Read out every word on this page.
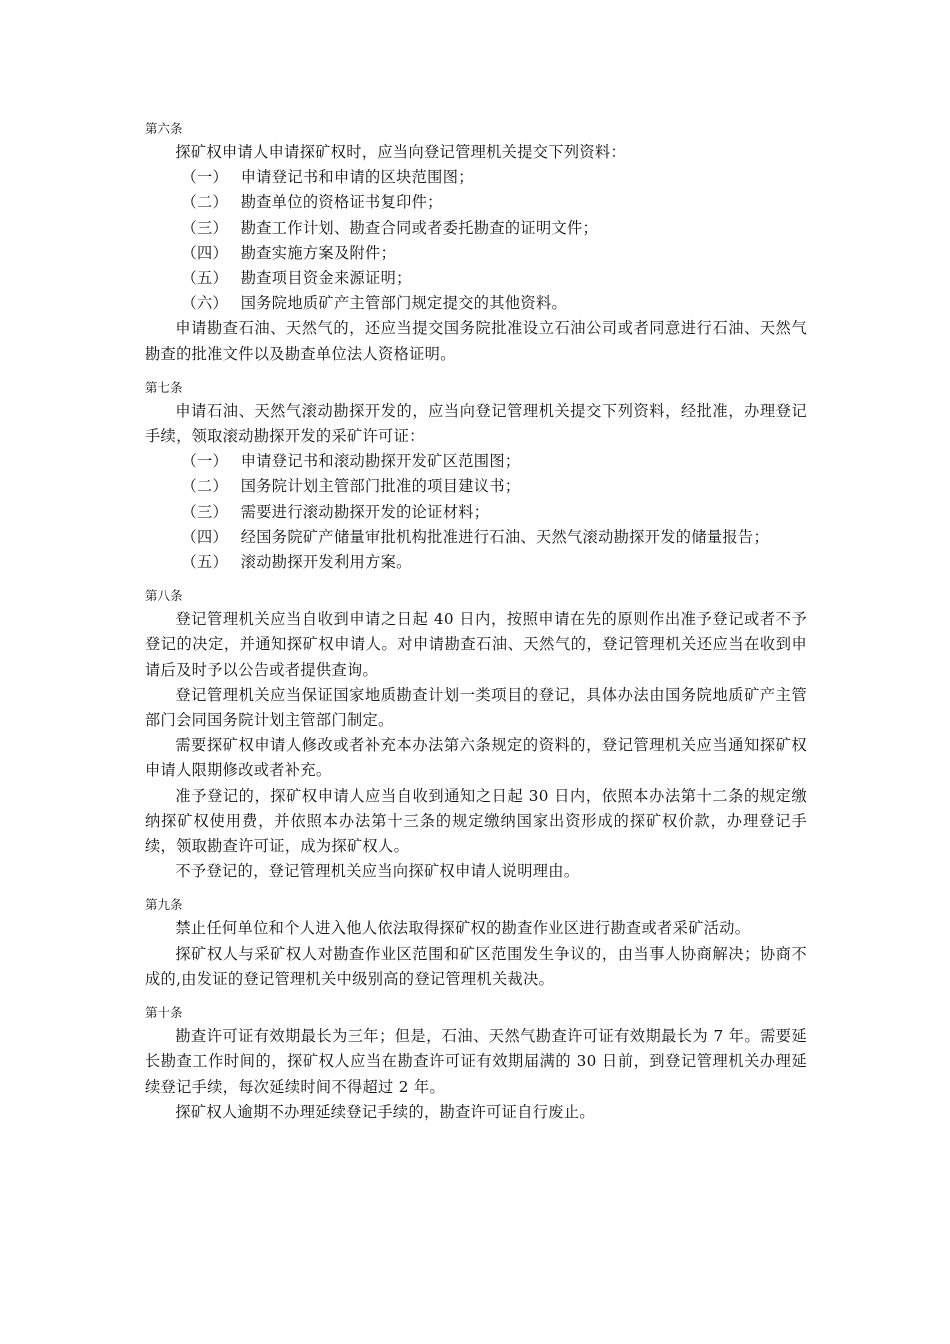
第六条

探矿权申请人申请探矿权时，应当向登记管理机关提交下列资料：

（一） 申请登记书和申请的区块范围图；

（二） 勘查单位的资格证书复印件；

（三） 勘查工作计划、勘查合同或者委托勘查的证明文件；

（四） 勘查实施方案及附件；

（五） 勘查项目资金来源证明；

（六） 国务院地质矿产主管部门规定提交的其他资料。

申请勘查石油、天然气的，还应当提交国务院批准设立石油公司或者同意进行石油、天然气勘查的批准文件以及勘查单位法人资格证明。

第七条

申请石油、天然气滚动勘探开发的，应当向登记管理机关提交下列资料，经批准，办理登记手续，领取滚动勘探开发的采矿许可证：

（一） 申请登记书和滚动勘探开发矿区范围图；

（二） 国务院计划主管部门批准的项目建议书；

（三） 需要进行滚动勘探开发的论证材料；

（四） 经国务院矿产储量审批机构批准进行石油、天然气滚动勘探开发的储量报告；

（五） 滚动勘探开发利用方案。

第八条

登记管理机关应当自收到申请之日起 40 日内，按照申请在先的原则作出准予登记或者不予登记的决定，并通知探矿权申请人。对申请勘查石油、天然气的，登记管理机关还应当在收到申请后及时予以公告或者提供查询。

登记管理机关应当保证国家地质勘查计划一类项目的登记，具体办法由国务院地质矿产主管部门会同国务院计划主管部门制定。

需要探矿权申请人修改或者补充本办法第六条规定的资料的，登记管理机关应当通知探矿权申请人限期修改或者补充。

准予登记的，探矿权申请人应当自收到通知之日起 30 日内，依照本办法第十二条的规定缴纳探矿权使用费，并依照本办法第十三条的规定缴纳国家出资形成的探矿权价款，办理登记手续，领取勘查许可证，成为探矿权人。

不予登记的，登记管理机关应当向探矿权申请人说明理由。

第九条

禁止任何单位和个人进入他人依法取得探矿权的勘查作业区进行勘查或者采矿活动。

探矿权人与采矿权人对勘查作业区范围和矿区范围发生争议的，由当事人协商解决；协商不成的,由发证的登记管理机关中级别高的登记管理机关裁决。

第十条

勘查许可证有效期最长为三年；但是，石油、天然气勘查许可证有效期最长为 7 年。需要延长勘查工作时间的，探矿权人应当在勘查许可证有效期届满的 30 日前，到登记管理机关办理延续登记手续，每次延续时间不得超过 2 年。

探矿权人逾期不办理延续登记手续的，勘查许可证自行废止。
